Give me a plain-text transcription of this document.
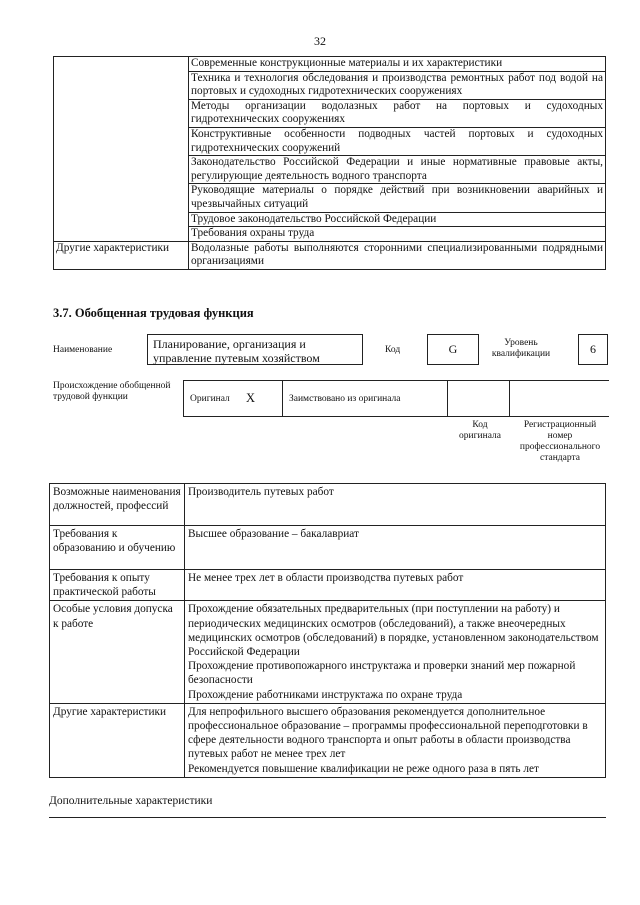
32
	Современные конструкционные материалы и их характеристики
	Техника и технология обследования и производства ремонтных работ под водой на портовых и судоходных гидротехнических сооружениях
	Методы организации водолазных работ на портовых и судоходных гидротехнических сооружениях
	Конструктивные особенности подводных частей портовых и судоходных гидротехнических сооружений
	Законодательство Российской Федерации и иные нормативные правовые акты, регулирующие деятельность водного транспорта
	Руководящие материалы о порядке действий при возникновении аварийных и чрезвычайных ситуаций
	Трудовое законодательство Российской Федерации
	Требования охраны труда
Другие характеристики	Водолазные работы выполняются сторонними специализированными подрядными организациями
3.7. Обобщенная трудовая функция
Наименование	Планирование, организация и управление путевым хозяйством
Код	G	Уровень квалификации	6
Происхождение обобщенной трудовой функции	Оригинал X	Заимствовано из оригинала
Код оригинала
Регистрационный номер профессионального стандарта
Возможные наименования должностей, профессий	Производитель путевых работ

Требования к образованию и обучению	Высшее образование – бакалавриат

Требования к опыту практической работы	Не менее трех лет в области производства путевых работ

Особые условия допуска к работе	Прохождение обязательных предварительных (при поступлении на работу) и периодических медицинских осмотров (обследований), а также внеочередных медицинских осмотров (обследований) в порядке, установленном законодательством Российской Федерации
Прохождение противопожарного инструктажа и проверки знаний мер пожарной безопасности
Прохождение работниками инструктажа по охране труда

Другие характеристики	Для непрофильного высшего образования рекомендуется дополнительное профессиональное образование – программы профессиональной переподготовки в сфере деятельности водного транспорта и опыт работы в области производства путевых работ не менее трех лет
Рекомендуется повышение квалификации не реже одного раза в пять лет
Дополнительные характеристики
